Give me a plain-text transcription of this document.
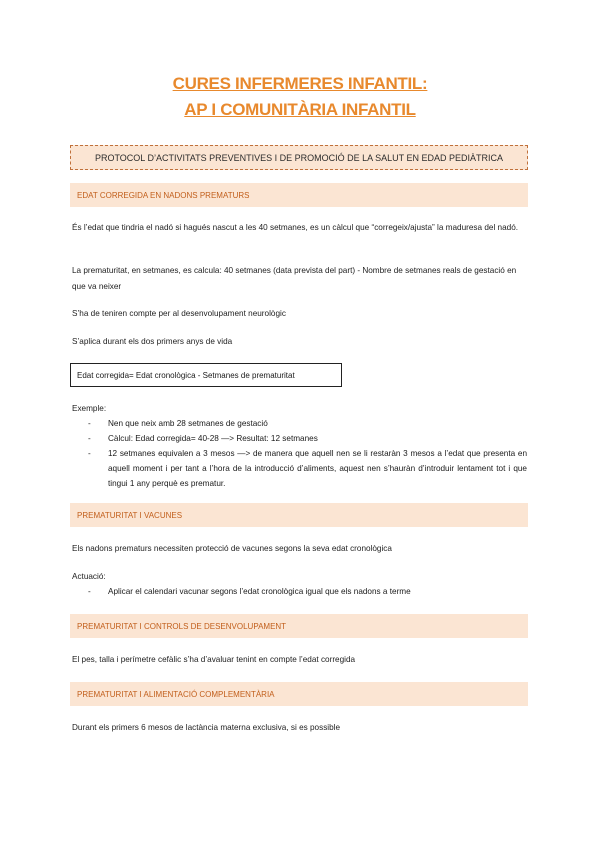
CURES INFERMERES INFANTIL:
AP I COMUNITÀRIA INFANTIL
PROTOCOL D’ACTIVITATS PREVENTIVES I DE PROMOCIÓ DE LA SALUT EN EDAD PEDIÀTRICA
EDAT CORREGIDA EN NADONS PREMATURS
És l’edat que tindria el nadó si hagués nascut a les 40 setmanes, es un càlcul que “corregeix/ajusta” la maduresa del nadó.
La prematuritat, en setmanes, es calcula: 40 setmanes (data prevista del part) - Nombre de setmanes reals de gestació en que va neixer
S’ha de teniren compte per al desenvolupament neurològic
S’aplica durant els dos primers anys de vida
Edat corregida= Edat cronològica - Setmanes de prematuritat
Exemple:
-	Nen que neix amb 28 setmanes de gestació
-	Càlcul: Edad corregida= 40-28 —> Resultat: 12 setmanes
-	12 setmanes equivalen a 3 mesos —> de manera que aquell nen se li restaràn 3 mesos a l’edat que presenta en aquell moment i per tant a l’hora de la introducció d’aliments, aquest nen s’hauràn d’introduir lentament tot i que tingui 1 any perquè es prematur.
PREMATURITAT I VACUNES
Els nadons prematurs necessiten protecció de vacunes segons la seva edat cronològica
Actuació:
-	Aplicar el calendari vacunar segons l’edat cronològica igual que els nadons a terme
PREMATURITAT I CONTROLS DE DESENVOLUPAMENT
El pes, talla i perímetre cefàlic s’ha d’avaluar tenint en compte l’edat corregida
PREMATURITAT I ALIMENTACIÓ COMPLEMENTÀRIA
Durant els primers 6 mesos de lactància materna exclusiva, si es possible
